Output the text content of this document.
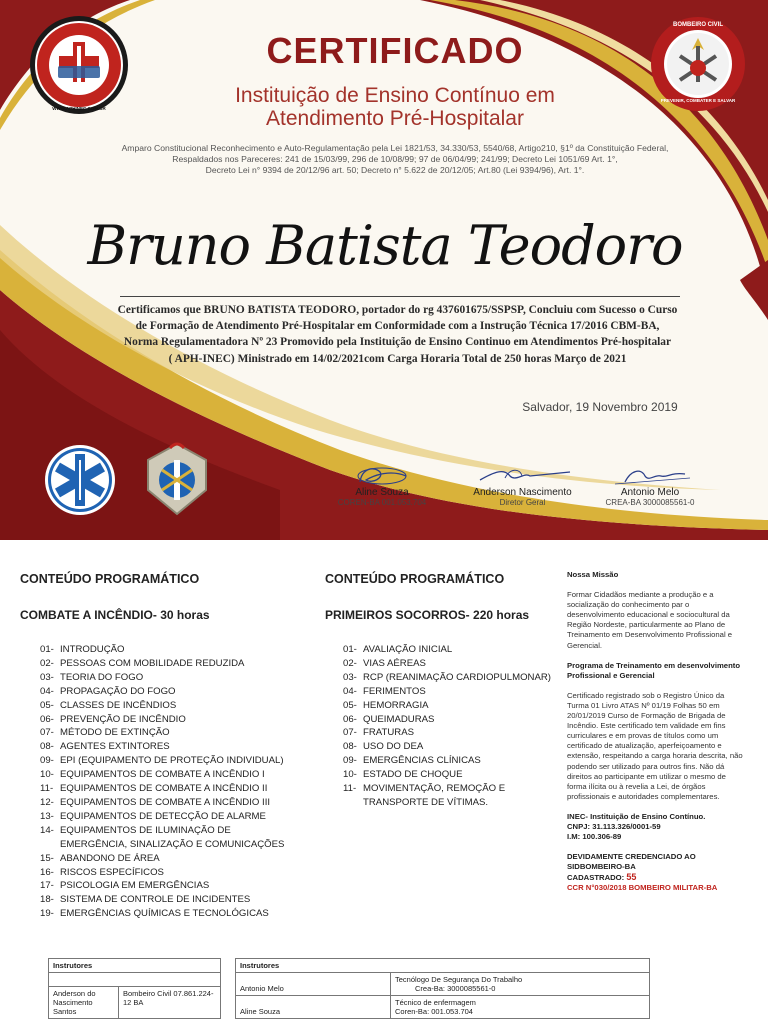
APH
WWW.APHINEC.COM.BR
BOMBEIRO CIVIL
PREVENIR, COMBATER E SALVAR
CERTIFICADO
Instituição de Ensino Contínuo em
Atendimento Pré-Hospitalar
Amparo Constitucional Reconhecimento e Auto-Regulamentação pela Lei 1821/53, 34.330/53, 5540/68, Artigo210, §1º da Constituição Federal,
Respaldados nos Pareceres: 241 de 15/03/99, 296 de 10/08/99; 97 de 06/04/99; 241/99; Decreto Lei 1051/69 Art. 1°,
Decreto Lei n° 9394 de 20/12/96 art. 50; Decreto n° 5.622 de 20/12/05; Art.80 (Lei 9394/96), Art. 1°.
Bruno Batista Teodoro
Certificamos que BRUNO BATISTA TEODORO, portador do rg 437601675/SSPSP, Concluiu com Sucesso o Curso
de Formação de Atendimento Pré-Hospitalar em Conformidade com a Instrução Técnica 17/2016 CBM-BA,
Norma Regulamentadora Nº 23 Promovido pela Instituição de Ensino Continuo em Atendimentos Pré-hospitalar
( APH-INEC) Ministrado em 14/02/2021com Carga Horaria Total de 250 horas Março de 2021
Salvador, 19 Novembro 2019
Aline Souza
COREN-BA 001.053.704
Anderson Nascimento
Diretor Geral
Antonio Melo
CREA-BA 3000085561-0
CONTEÚDO PROGRAMÁTICO
COMBATE A INCÊNDIO- 30 horas
01- INTRODUÇÃO
02- PESSOAS COM MOBILIDADE REDUZIDA
03- TEORIA DO FOGO
04- PROPAGAÇÃO DO FOGO
05- CLASSES DE INCÊNDIOS
06- PREVENÇÃO DE INCÊNDIO
07- MÉTODO DE EXTINÇÃO
08- AGENTES EXTINTORES
09- EPI (EQUIPAMENTO DE PROTEÇÃO INDIVIDUAL)
10- EQUIPAMENTOS DE COMBATE A INCÊNDIO I
11- EQUIPAMENTOS DE COMBATE A INCÊNDIO II
12- EQUIPAMENTOS DE COMBATE A INCÊNDIO III
13- EQUIPAMENTOS DE DETECÇÃO DE ALARME
14- EQUIPAMENTOS DE ILUMINAÇÃO DE EMERGÊNCIA, SINALIZAÇÃO E COMUNICAÇÕES
15- ABANDONO DE ÁREA
16- RISCOS ESPECÍFICOS
17- PSICOLOGIA EM EMERGÊNCIAS
18- SISTEMA DE CONTROLE DE INCIDENTES
19- EMERGÊNCIAS QUÍMICAS E TECNOLÓGICAS
CONTEÚDO PROGRAMÁTICO
PRIMEIROS SOCORROS- 220 horas
01- AVALIAÇÃO INICIAL
02- VIAS AÉREAS
03- RCP (REANIMAÇÃO CARDIOPULMONAR)
04- FERIMENTOS
05- HEMORRAGIA
06- QUEIMADURAS
07- FRATURAS
08- USO DO DEA
09- EMERGÊNCIAS CLÍNICAS
10- ESTADO DE CHOQUE
11- MOVIMENTAÇÃO, REMOÇÃO E TRANSPORTE DE VÍTIMAS.

Nossa Missão

Formar Cidadãos mediante a produção e a socialização do conhecimento par o desenvolvimento educacional e sociocultural da Região Nordeste, particularmente ao Plano de Treinamento em Desenvolvimento Profissional e Gerencial.

Programa de Treinamento em desenvolvimento Profissional e Gerencial

Certificado registrado sob o Registro Único da Turma 01 Livro ATAS Nº 01/19 Folhas 50 em 20/01/2019 Curso de Formação de Brigada de Incêndio. Este certificado tem validade em fins curriculares e em provas de títulos como um certificado de atualização, aperfeiçoamento e extensão, respeitando a carga horaria descrita, não podendo ser utilizado para outros fins. Não dá direitos ao participante em utilizar o mesmo de forma ilícita ou à revelia a Lei, de órgãos profissionais e autoridades complementares.

INEC- Instituição de Ensino Contínuo.
CNPJ: 31.113.326/0001-59
I.M: 100.306-89
DEVIDAMENTE CREDENCIADO AO SIDBOMBEIRO-BA
CADASTRADO: 55
CCR N°030/2018 BOMBEIRO MILITAR-BA
Instrutores

Anderson do Nascimento Santos	Bombeiro Civil 07.861.224-12 BA
Instrutores	
Antonio Melo	Tecnólogo De Segurança Do Trabalho
Crea-Ba: 3000085561-0

Aline Souza	Técnico de enfermagem
Coren-Ba: 001.053.704
